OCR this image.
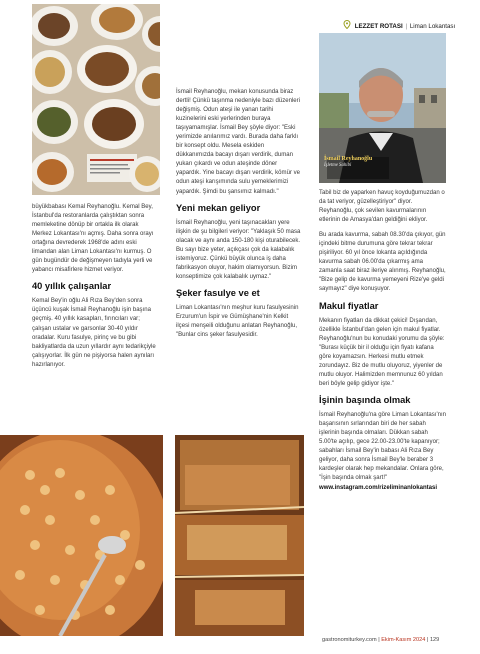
LEZZET ROTASI | Liman Lokantası
İsmail Reyhanoğlu
İşletme Sahibi

büyükbabası Kemal Reyhanoğlu. Kemal Bey, İstanbul'da restoranlarda çalıştıktan sonra memleketine dönüp bir ortakla ilk olarak Merkez Lokantası'nı açmış. Daha sonra orayı ortağına devrederek 1968'de adını eski limandan alan Liman Lokantası'nı kurmuş. O gün bugündür de değişmeyen tadıyla yerli ve yabancı misafirlere hizmet veriyor.

40 yıllık çalışanlar

Kemal Bey'in oğlu Ali Rıza Bey'den sonra üçüncü kuşak İsmail Reyhanoğlu işin başına geçmiş. 40 yıllık kasapları, fırıncıları var; çalışan ustalar ve garsonlar 30-40 yıldır oradalar. Kuru fasulye, pirinç ve bu gibi bakliyatlarda da uzun yıllardır aynı tedarikçiyle çalışıyorlar. İlk gün ne pişiyorsa halen aynıları hazırlanıyor.

İsmail Reyhanoğlu, mekan konusunda biraz dertli! Çünkü taşınma nedeniyle bazı düzenleri değişmiş. Odun ateşi ile yanan tarihi kuzinelerini eski yerlerinden buraya taşıyamamışlar. İsmail Bey şöyle diyor: "Eski yerimizde anılarımız vardı. Burada daha farklı bir konsept oldu. Mesela eskiden dükkanımızda bacayı dışarı verdirik, duman yukarı çıkardı ve odun ateşinde döner yapardık. Yine bacayı dışarı verdirik, kömür ve odun ateşi karışımında sulu yemeklerimizi yapardık. Şimdi bu şansımız kalmadı."

Yeni mekan geliyor

İsmail Reyhanoğlu, yeni taşınacakları yere ilişkin de şu bilgileri veriyor: "Yaklaşık 50 masa olacak ve aynı anda 150-180 kişi oturabilecek. Bu sayı bize yeter, açıkçası çok da kalabalık istemiyoruz. Çünkü büyük olunca iş daha fabrikasyon oluyor, hakim olamıyorsun. Bizim konseptimize çok kalabalık uymaz."

Şeker fasulye ve et

Liman Lokantası'nın meşhur kuru fasulyesinin Erzurum'un İspir ve Gümüşhane'nin Kelkit ilçesi menşeili olduğunu anlatan Reyhanoğlu, "Bunlar cins şeker fasulyesidir.

Tabil biz de yaparken havuç koyduğumuzdan o da tat veriyor, güzelleştiriyor" diyor. Reyhanoğlu, çok sevilen kavurmalarının etlerinin de Amasya'dan geldiğini ekliyor.

Bu arada kavurma, sabah 08.30'da çıkıyor, gün içindeki bitme durumuna göre tekrar tekrar pişiriliyor. 60 yıl önce lokanta açıldığında kavurma sabah 06.00'da çıkarmış ama zamanla saat biraz ileriye alınmış. Reyhanoğlu, "Bize gelip de kavurma yemeyeni Rize'ye geldi saymayız" diye konuşuyor.

Makul fiyatlar

Mekanın fiyatları da dikkat çekici! Dışarıdan, özellikle İstanbul'dan gelen için makul fiyatlar. Reyhanoğlu'nun bu konudaki yorumu da şöyle: "Burası küçük bir il olduğu için fiyatı kafana göre koyamazsın. Herkesi mutlu etmek zorundayız. Biz de mutlu oluyoruz, yiyenler de mutlu oluyor. Halimizden memnunuz 60 yıldan beri böyle gelip gidiyor işte."

İşinin başında olmak

İsmail Reyhanoğlu'na göre Liman Lokantası'nın başarısının sırlarından biri de her sabah işlerinin başında olmaları. Dükkan sabah 5.00'te açılıp, gece 22.00-23.00'te kapanıyor; sabahları İsmail Bey'in babası Ali Rıza Bey geliyor, daha sonra İsmail Bey'le beraber 3 kardeşler olarak hep mekandalar. Onlara göre, "İşin başında olmak şart!"

www.instagram.com/rizeliminanlokantasi
gastronomiturkey.com | Ekim-Kasım 2024 | 129
